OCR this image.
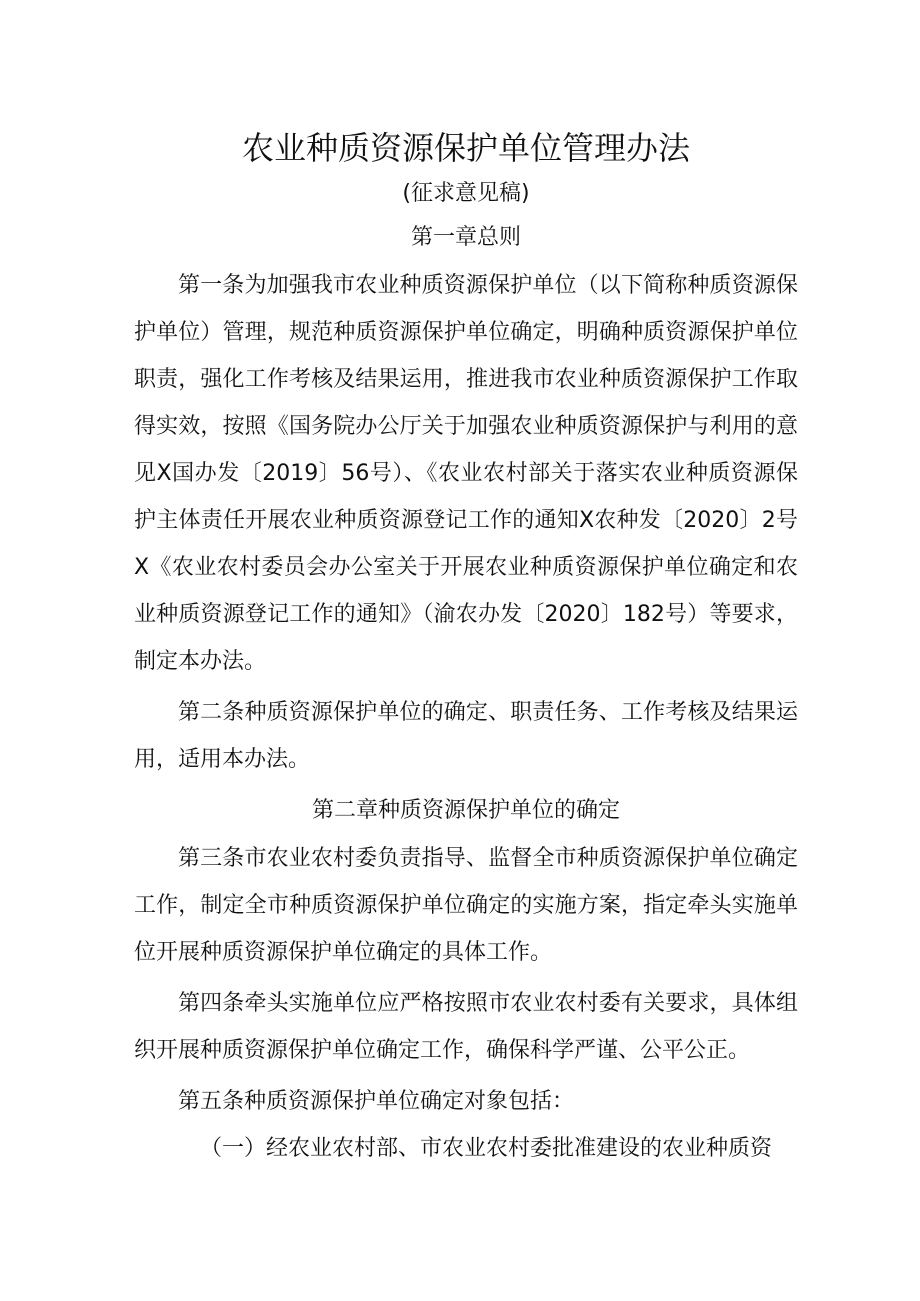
农业种质资源保护单位管理办法

(征求意见稿)

第一章总则

第一条为加强我市农业种质资源保护单位（以下简称种质资源保护单位）管理，规范种质资源保护单位确定，明确种质资源保护单位职责，强化工作考核及结果运用，推进我市农业种质资源保护工作取得实效，按照《国务院办公厅关于加强农业种质资源保护与利用的意见X国办发〔2019〕56号）、《农业农村部关于落实农业种质资源保护主体责任开展农业种质资源登记工作的通知X农种发〔2020〕2号X《农业农村委员会办公室关于开展农业种质资源保护单位确定和农业种质资源登记工作的通知》（渝农办发〔2020〕182号）等要求，制定本办法。

第二条种质资源保护单位的确定、职责任务、工作考核及结果运用，适用本办法。

第二章种质资源保护单位的确定

第三条市农业农村委负责指导、监督全市种质资源保护单位确定工作，制定全市种质资源保护单位确定的实施方案，指定牵头实施单位开展种质资源保护单位确定的具体工作。

第四条牵头实施单位应严格按照市农业农村委有关要求，具体组织开展种质资源保护单位确定工作，确保科学严谨、公平公正。

第五条种质资源保护单位确定对象包括：

（一）经农业农村部、市农业农村委批准建设的农业种质资
